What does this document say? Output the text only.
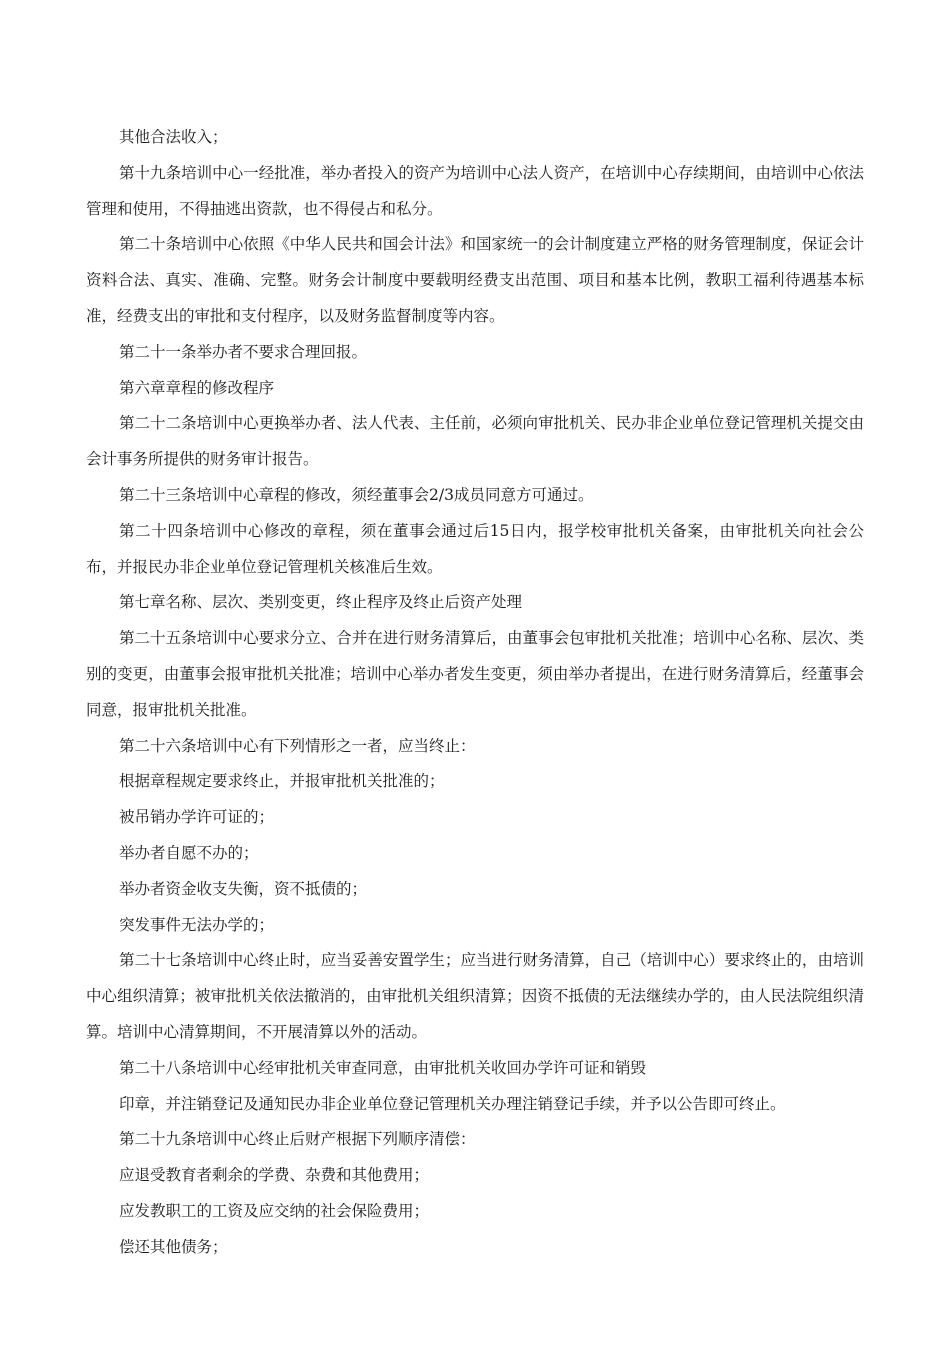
其他合法收入；

第十九条培训中心一经批准，举办者投入的资产为培训中心法人资产，在培训中心存续期间，由培训中心依法管理和使用，不得抽逃出资款，也不得侵占和私分。

第二十条培训中心依照《中华人民共和国会计法》和国家统一的会计制度建立严格的财务管理制度，保证会计资料合法、真实、准确、完整。财务会计制度中要载明经费支出范围、项目和基本比例，教职工福利待遇基本标准，经费支出的审批和支付程序，以及财务监督制度等内容。

第二十一条举办者不要求合理回报。

第六章章程的修改程序

第二十二条培训中心更换举办者、法人代表、主任前，必须向审批机关、民办非企业单位登记管理机关提交由会计事务所提供的财务审计报告。

第二十三条培训中心章程的修改，须经董事会2/3成员同意方可通过。

第二十四条培训中心修改的章程，须在董事会通过后15日内，报学校审批机关备案，由审批机关向社会公布，并报民办非企业单位登记管理机关核准后生效。

第七章名称、层次、类别变更，终止程序及终止后资产处理

第二十五条培训中心要求分立、合并在进行财务清算后，由董事会包审批机关批准；培训中心名称、层次、类别的变更，由董事会报审批机关批准；培训中心举办者发生变更，须由举办者提出，在进行财务清算后，经董事会同意，报审批机关批准。

第二十六条培训中心有下列情形之一者，应当终止：

根据章程规定要求终止，并报审批机关批准的；

被吊销办学许可证的；

举办者自愿不办的；

举办者资金收支失衡，资不抵债的；

突发事件无法办学的；

第二十七条培训中心终止时，应当妥善安置学生；应当进行财务清算，自己（培训中心）要求终止的，由培训中心组织清算；被审批机关依法撤消的，由审批机关组织清算；因资不抵债的无法继续办学的，由人民法院组织清算。培训中心清算期间，不开展清算以外的活动。

第二十八条培训中心经审批机关审查同意，由审批机关收回办学许可证和销毁

印章，并注销登记及通知民办非企业单位登记管理机关办理注销登记手续，并予以公告即可终止。

第二十九条培训中心终止后财产根据下列顺序清偿：

应退受教育者剩余的学费、杂费和其他费用；

应发教职工的工资及应交纳的社会保险费用；

偿还其他债务；
